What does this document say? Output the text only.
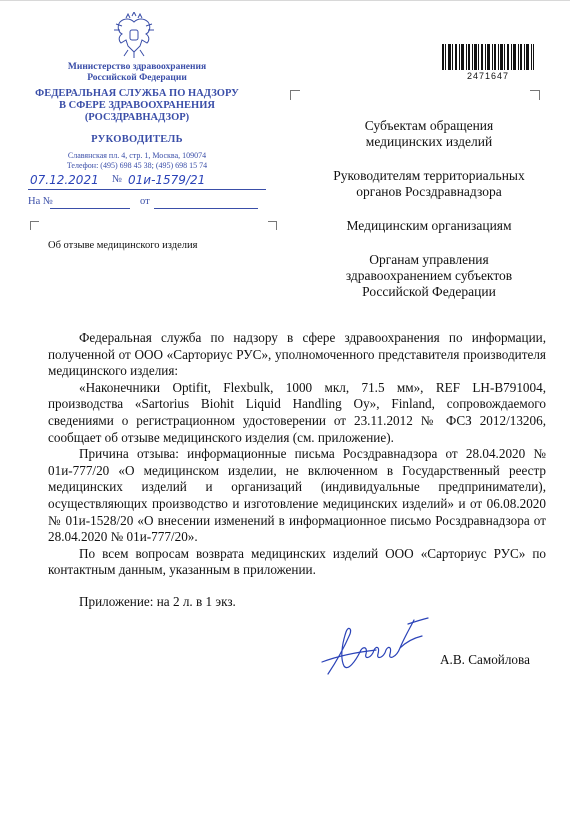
Министерство здравоохранения
Российской Федерации
ФЕДЕРАЛЬНАЯ СЛУЖБА ПО НАДЗОРУ
В СФЕРЕ ЗДРАВООХРАНЕНИЯ
(РОСЗДРАВНАДЗОР)
РУКОВОДИТЕЛЬ
Славянская пл. 4, стр. 1, Москва, 109074
Телефон: (495) 698 45 38; (495) 698 15 74
07.12.2021 № 01и-1579/21
На №	от
Об отзыве медицинского изделия
2471647
Субъектам обращения
медицинских изделий
Руководителям территориальных
органов Росздравнадзора
Медицинским организациям
Органам управления
здравоохранением субъектов
Российской Федерации

Федеральная служба по надзору в сфере здравоохранения по информации, полученной от ООО «Сарториус РУС», уполномоченного представителя производителя медицинского изделия:

«Наконечники Optifit, Flexbulk, 1000 мкл, 71.5 мм», REF LH-B791004, производства «Sartorius Biohit Liquid Handling Oy», Finland, сопровождаемого сведениями о регистрационном удостоверении от 23.11.2012 № ФСЗ 2012/13206, сообщает об отзыве медицинского изделия (см. приложение).

Причина отзыва: информационные письма Росздравнадзора от 28.04.2020 № 01и-777/20 «О медицинском изделии, не включенном в Государственный реестр медицинских изделий и организаций (индивидуальные предприниматели), осуществляющих производство и изготовление медицинских изделий» и от 06.08.2020 № 01и-1528/20 «О внесении изменений в информационное письмо Росздравнадзора от 28.04.2020 № 01и-777/20».

По всем вопросам возврата медицинских изделий ООО «Сарториус РУС» по контактным данным, указанным в приложении.

Приложение: на 2 л. в 1 экз.
А.В. Самойлова
